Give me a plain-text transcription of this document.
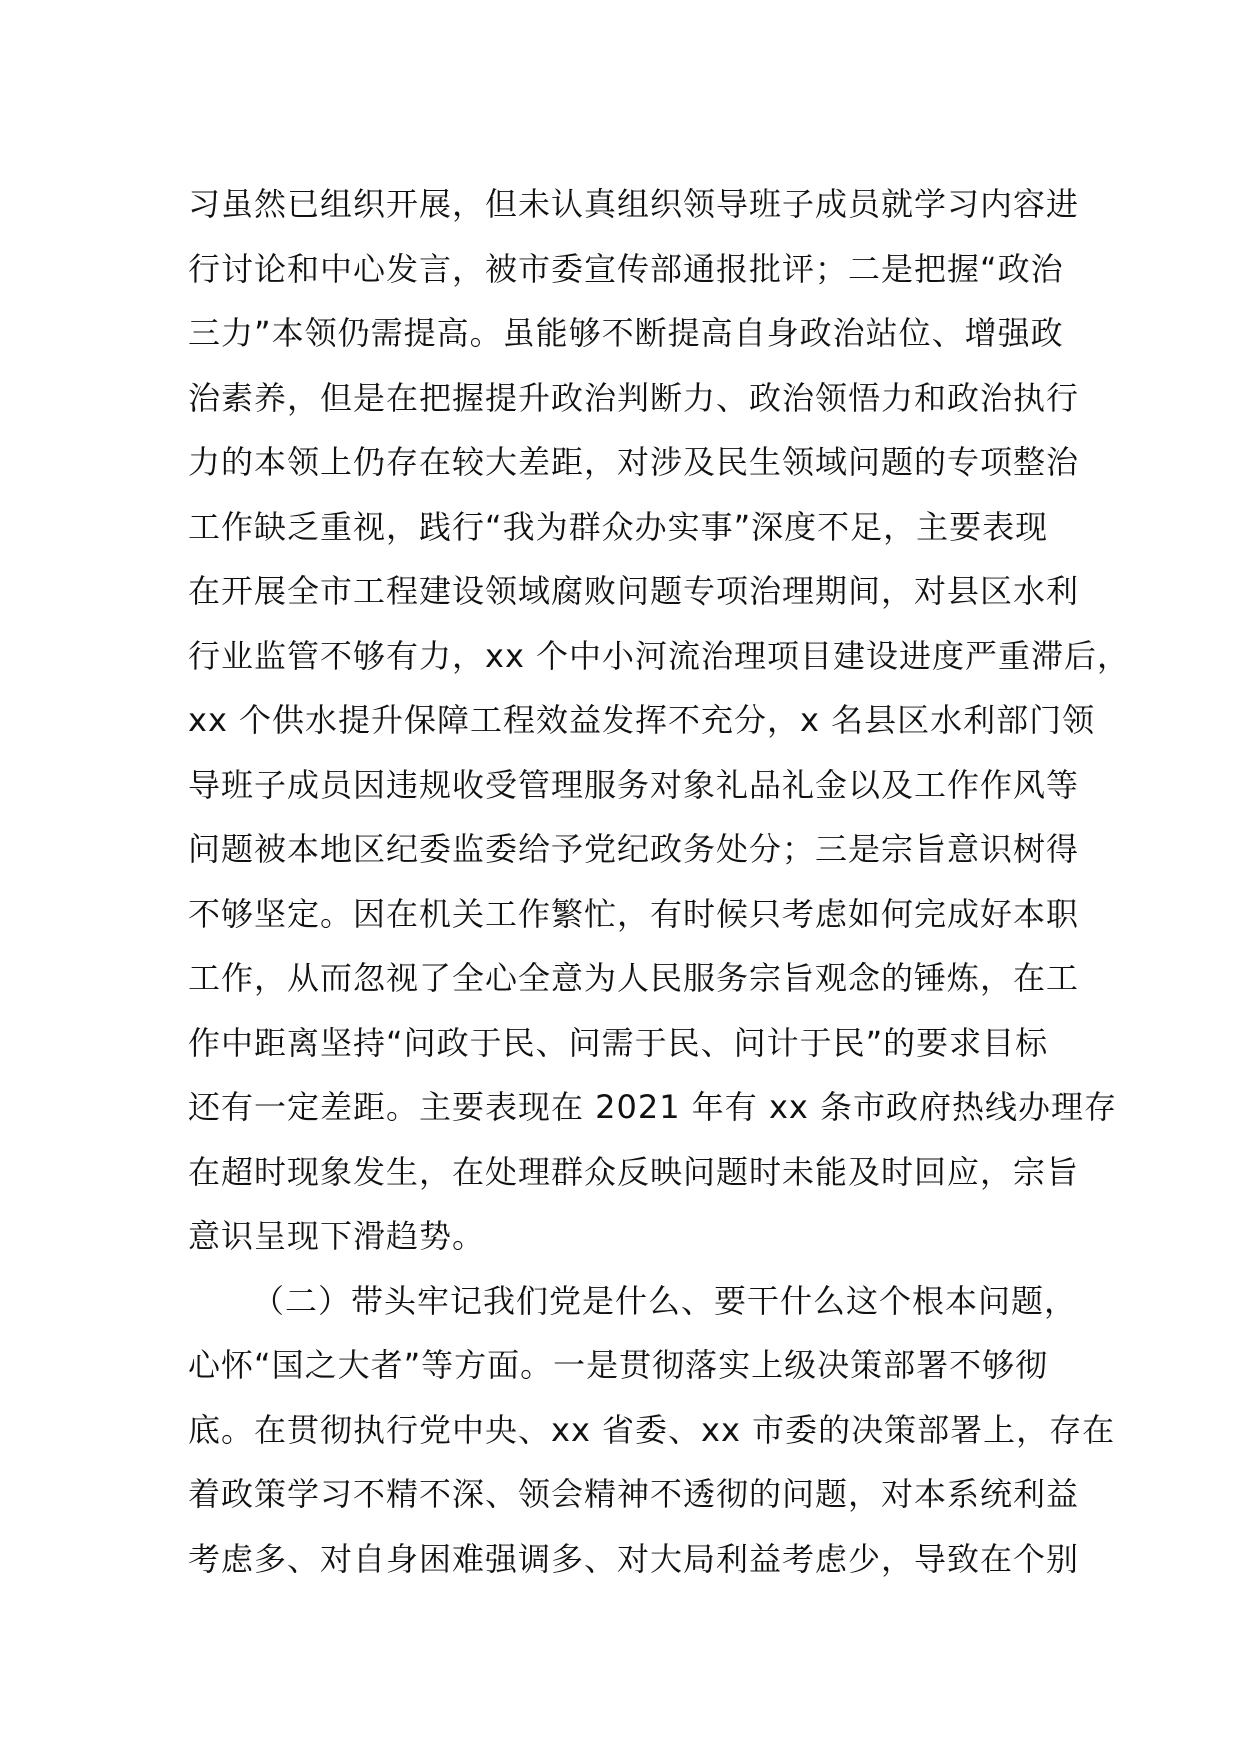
习虽然已组织开展，但未认真组织领导班子成员就学习内容进
行讨论和中心发言，被市委宣传部通报批评；二是把握“政治
三力”本领仍需提高。虽能够不断提高自身政治站位、增强政
治素养，但是在把握提升政治判断力、政治领悟力和政治执行
力的本领上仍存在较大差距，对涉及民生领域问题的专项整治
工作缺乏重视，践行“我为群众办实事”深度不足，主要表现
在开展全市工程建设领域腐败问题专项治理期间，对县区水利
行业监管不够有力，xx 个中小河流治理项目建设进度严重滞后，
xx 个供水提升保障工程效益发挥不充分，x 名县区水利部门领
导班子成员因违规收受管理服务对象礼品礼金以及工作作风等
问题被本地区纪委监委给予党纪政务处分；三是宗旨意识树得
不够坚定。因在机关工作繁忙，有时候只考虑如何完成好本职
工作，从而忽视了全心全意为人民服务宗旨观念的锤炼，在工
作中距离坚持“问政于民、问需于民、问计于民”的要求目标
还有一定差距。主要表现在 2021 年有 xx 条市政府热线办理存
在超时现象发生，在处理群众反映问题时未能及时回应，宗旨
意识呈现下滑趋势。
（二）带头牢记我们党是什么、要干什么这个根本问题，
心怀“国之大者”等方面。一是贯彻落实上级决策部署不够彻
底。在贯彻执行党中央、xx 省委、xx 市委的决策部署上，存在
着政策学习不精不深、领会精神不透彻的问题，对本系统利益
考虑多、对自身困难强调多、对大局利益考虑少，导致在个别
